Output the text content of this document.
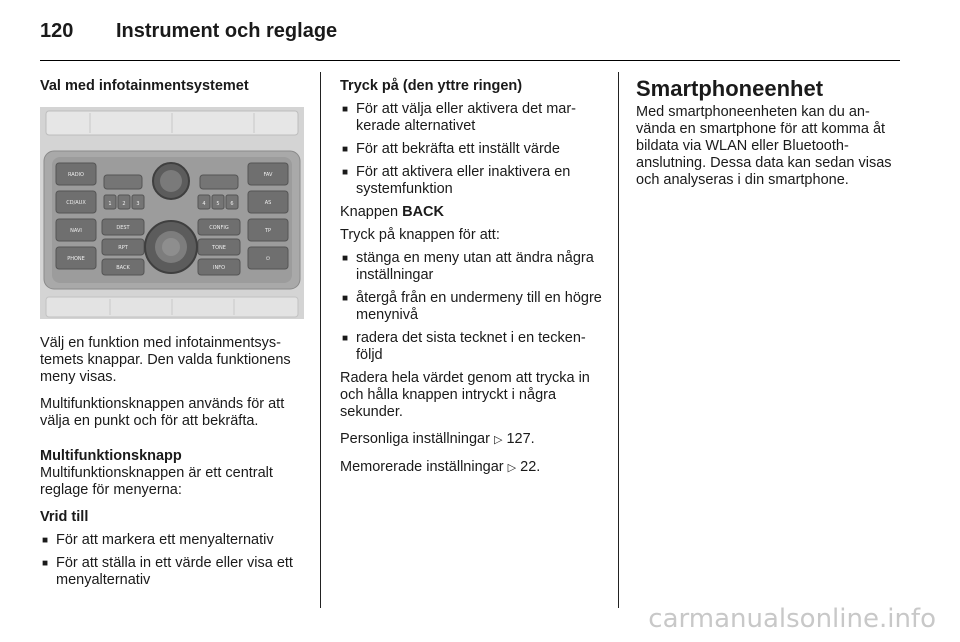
120 Instrument och reglage

Val med infotainmentsystemet

RADIO
CD/AUX
NAVI
PHONE
FAV
AS
TP
⏻
DEST
RPT
BACK
CONFIG
TONE
INFO
1 2 3	4 5 6

Välj en funktion med infotainmentsystemets knappar. Den valda funktionens meny visas.

Multifunktionsknappen används för att välja en punkt och för att bekräfta.

Multifunktionsknapp

Multifunktionsknappen är ett centralt reglage för menyerna:

Vrid till

■ För att markera ett menyalternativ
■ För att ställa in ett värde eller visa ett menyalternativ

Tryck på (den yttre ringen)

■ För att välja eller aktivera det markerade alternativet
■ För att bekräfta ett inställt värde
■ För att aktivera eller inaktivera en systemfunktion

Knappen BACK

Tryck på knappen för att:

■ stänga en meny utan att ändra några inställningar
■ återgå från en undermeny till en högre menynivå
■ radera det sista tecknet i en teckenföljd

Radera hela värdet genom att trycka in och hålla knappen intryckt i några sekunder.

Personliga inställningar ▷ 127.

Memorerade inställningar ▷ 22.

Smartphoneenhet

Med smartphoneenheten kan du använda en smartphone för att komma åt bildata via WLAN eller Bluetooth-anslutning. Dessa data kan sedan visas och analyseras i din smartphone.

carmanualsonline.info
